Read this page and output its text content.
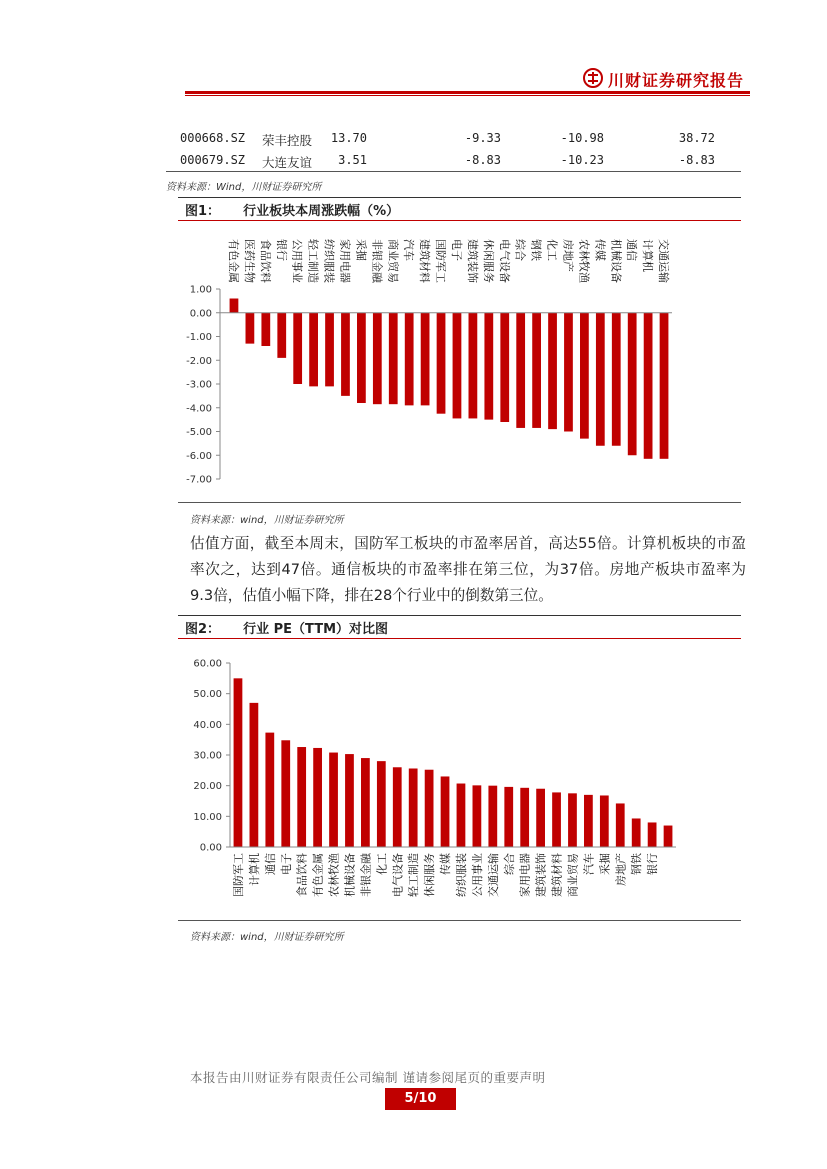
川财证券研究报告
000668.SZ 荣丰控股 13.70	-9.33	-10.98	38.72
000679.SZ 大连友谊 3.51	-8.83	-10.23	-8.83
资料来源：Wind，川财证券研究所
图1： 行业板块本周涨跌幅（%）
1.00
0.00
-1.00
-2.00
-3.00
-4.00
-5.00
-6.00
-7.00
有色金属 医药生物 食品饮料 银行 公用事业 轻工制造 纺织服装 家用电器 采掘 非银金融 商业贸易 汽车 建筑材料 国防军工 电子 建筑装饰 休闲服务 电气设备 综合 钢铁 化工 房地产 农林牧渔 传媒 机械设备 通信 计算机 交通运输
资料来源：wind，川财证券研究所
估值方面，截至本周末，国防军工板块的市盈率居首，高达55倍。计算机板块的市盈率次之，达到47倍。通信板块的市盈率排在第三位，为37倍。房地产板块市盈率为9.3倍，估值小幅下降，排在28个行业中的倒数第三位。
图2： 行业 PE（TTM）对比图
0.00
10.00
20.00
30.00
40.00
50.00
60.00
国防军工 计算机 通信 电子 食品饮料 有色金属 农林牧渔 机械设备 非银金融 化工 电气设备 轻工制造 休闲服务 传媒 纺织服装 公用事业 交通运输 综合 家用电器 建筑装饰 建筑材料 商业贸易 汽车 采掘 房地产 钢铁 银行
资料来源：wind，川财证券研究所
本报告由川财证券有限责任公司编制 谨请参阅尾页的重要声明
5/10
